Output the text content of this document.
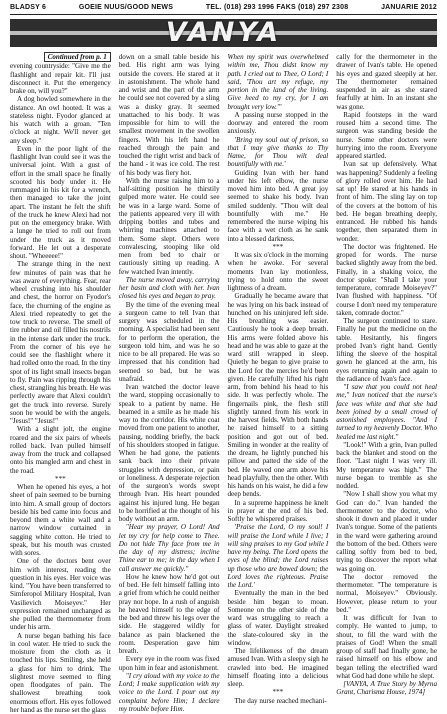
BLADSY 6	GOEIE NUUS/GOOD NEWS	TEL. (018) 293 1996 FAKS (018) 297 2308	JANUARIE 2012
VANYA
Continued from p. 1

evening countryside: "Give me the flashlight and repair kit. I'll just disconnect it. Put the emergency brake on, will you?"

A dog howled somewhere in the distance. An owl hooted. It was a stateless night. Fyodor glanced at his watch with a groan. "Ten o'clock at night. We'll never get any sleep."

Even in the poor light of the flashlight Ivan could see it was the universal joint. With a gust of effort in the small space he finally scooted his body under it. He rummaged in his kit for a wrench, then managed to take the joint apart. The instant he felt the shift of the truck he knew Alexi had not put on the emergency brake. With a lunge he tried to roll out from under the truck as it moved forward. He let out a desperate shout. "Wheeeee!"

The strange thing in the next few minutes of pain was that he was aware of everything. Fear, rear wheel crushing into his shoulder and chest, the horror on Fyodor's face, the churning of the engine as Alexi tried repeatedly to get the tow truck to reverse. The smell of tire rubber and oil filled his nostrils in the intense dark under the truck. From the corner of his eye he could see the flashlight where it had rolled onto the road. In the tiny spot of its light small insects began to fly. Pain was ripping through his chest, strangling his breath. He was perfectly aware that Alexi couldn't get the truck into reverse. Surely soon he would be with the angels. "Jesus!" "Jesus!"

With a slight jolt, the engine roared and the six pairs of wheels rolled back. Ivan pulled himself away from the truck and collapsed onto his mangled arm and chest in the road.

***

When he opened his eyes, a hot sheet of pain seemed to be burning into him. A small group of doctors beside his bed came into focus and beyond them a white wall and a narrow window curtained in sagging white cotton. He tried to speak, but his mouth was crusted with sores.

One of the doctors bent over him with interest, reading the question in his eyes. Her voice was kind. "You have been transferred to Simferopol Military Hospital, Ivan Vasilievich Moiseyev." Her expression remained unchanged as she pulled the thermometer from under his arm.

A nurse began bathing his face in cool water. He tried to suck the moisture from the cloth as it touched his lips. Smiling, she held a glass for him to drink. The slightest move seemed to fling open floodgates of pain. The shallowest breathing took enormous effort. His eyes followed her hand as the nurse set the glass

down on a small table beside his bed. His right arm was lying outside the covers. He stared at it in astonishment. The whole hand and wrist and the part of the arm he could see not covered by a sling was a dusky gray. It seemed unattached to his body. It was impossible for him to will the smallest movement in the swollen fingers. With his left hand he reached through the pain and touched the right wrist and back of the hand - it was ice cold. The rest of his body was fiery hot.

With the nurse raising him to a half-sitting position he thirstily gulped more water. He could see he was in a large ward. Some of the patients appeared very ill with dripping bottles and tubes and whirring machines attached to them. Some slept. Others were convalescing, stooping like old men from bed to chair or cautiously sitting up reading. A few watched Ivan intently.

The nurse moved away, carrying her basin and cloth with her. Ivan closed his eyes and began to pray.

By the time of the evening meal a surgeon came to tell Ivan that surgery was scheduled in the morning. A specialist had been sent for to perform the operation, the surgeon told him, and was he so nice to be all prepared. He was so impressed that his condition had seemed so bad, but he was unafraid.

Ivan watched the doctor leave the ward, stopping occasionally to speak to a patient by name. He beamed in a smile as he made his way to the corridor. His white coat moved from one patient to another, pausing, nodding briefly, the back of his shoulders stooped in fatigue. When he had gone, the patients sank back into their private struggles with depression, or pain or loneliness. A desperate rejection of the surgeon's words swept through Ivan. His heart pounded against his injured lung. He began to be horrified at the thought of his body without an arm.

"Hear my prayer, O Lord! And let my cry for help come to Thee. Do not hide Thy face from me in the day of my distress; incline Thine ear to me; in the day when I call answer me quickly."

How he knew how he'd got out of bed. He felt himself falling into a grief from which he could neither pray nor hope. In a rush of anguish he heaved himself to the edge of the bed and threw his legs over the side. He staggered wildly for balance as pain blackened the room. Desperation gave him breath.

Every eye in the room was fixed upon him in fear and astonishment.

"I cry aloud with my voice to the Lord; I make supplication with my voice to the Lord. I pour out my complaint before Him; I declare my trouble before Him.

When my spirit was overwhelmed within me, Thou didst know my path. I cried out to Thee, O Lord; I said, 'Thou art my refuge, my portion in the land of the living. Give heed to my cry, for I am brought very low.'"

A passing nurse stopped in the doorway and entered the room anxiously.

'Bring my soul out of prison, so that I may give thanks to Thy Name, for Thou wilt deal bountifully with me.'

Guiding Ivan with her hand under his left elbow, the nurse moved him into bed. A great joy seemed to shake his body. Ivan smiled suddenly. "Thou wilt deal bountifully with me." He remembered the nurse wiping his face with a wet cloth as he sank into a blessed darkness.

***

It was six o'clock in the morning when he awoke. For several moments Ivan lay motionless, trying to hold onto the sweet lightness of a dream.

Gradually he became aware that he was lying on his back instead of hunched on his uninjured left side. His breathing was easier. Cautiously he took a deep breath. His arms were folded above his head and he was able to gaze at the ward still wrapped in sleep. Quietly he began to give praise to the Lord for the mercies he'd been given. He carefully lifted his right arm, from behind his head to his side. It was perfectly whole. The fingernails pink, the flesh still slightly tanned from his work in the harvest fields. With both hands he raised himself to a sitting position and got out of bed. Smiling in wonder at the reality of the dream, he lightly punched his pillow and patted the side of the bed. He waved one arm above his head playfully, then the other. With his hands on his waist, he did a few deep bends.

In a supreme happiness he knelt in prayer at the end of his bed. Softly he whispered praises.

'Praise the Lord, O my soul! I will praise the Lord while I live; I will sing praises to my God while I have my being. The Lord opens the eyes of the blind; the Lord raises up those who are bowed down; the Lord loves the righteous. Praise the Lord.'

Eventually the man in the bed beside him began to moan. Someone on the other side of the ward was struggling to reach a glass of water. Daylight streaked the slate-coloured sky in the window.

The lifelikeness of the dream amused Ivan. With a sleepy sigh he crawled into bed. He imagined himself floating into a delicious sleep.

***

The day nurse reached mechani-

cally for the thermometer in the drawer of Ivan's table. He opened his eyes and gazed sleepily at her. The thermometer remained suspended in air as she stared fearfully at him. In an instant she was gone.

Rapid footsteps in the ward roused him a second time. The surgeon was standing beside the nurse. Some other doctors were hurrying into the room. Everyone appeared startled.

Ivan sat up defensively. What was happening? Suddenly a feeling of glory rolled over him. He had sat up! He stared at his hands in front of him. The sling lay on top of the covers at the bottom of his bed. He began breathing deeply, entranced. He rubbed his hands together, then separated them in wonder.

The doctor was frightened. He groped for words. The nurse backed slightly away from the bed. Finally, in a shaking voice, the doctor spoke: "Shall I take your temperature, comrade Moiseyev?" Ivan flushed with happiness. "Of course I don't need my temperature taken, comrade doctor."

The surgeon continued to stare. Finally he put the medicine on the table. Hesitantly, his fingers probed Ivan's right hand. Gently lifting the sleeve of the hospital gown he glanced at the arm, his eyes returning again and again to the radiance of Ivan's face.

"I saw that you could not heal me," Ivan noticed that the nurse's face was white and that she had been joined by a small crowd of astonished employees. "And I turned to my heavenly Doctor. Who healed me last night."

"Look!" With a grin, Ivan pulled back the blanket and stood on the floor. "Last night I was very ill. My temperature was high." The nurse began to tremble as she nodded.

"Now I shall show you what my God can do." Ivan handed the thermometer to the doctor, who shook it down and placed it under Ivan's tongue. Some of the patients in the ward were gathering around the bottom of the bed. Others were calling softly from bed to bed, trying to discover the report what was going on.

The doctor removed the thermometer. "The temperature is normal, Moiseyev." Obviously. However, please return to your bed."

It was difficult for Ivan to comply. He wanted to jump, to shout, to fill the ward with the praises of God! When the small group of staff had finally gone, he raised himself on his elbow and began telling the electrified ward what God had done while he slept.

[VANYA, A True Story by Myrna Grant, Charisma House, 1974]
